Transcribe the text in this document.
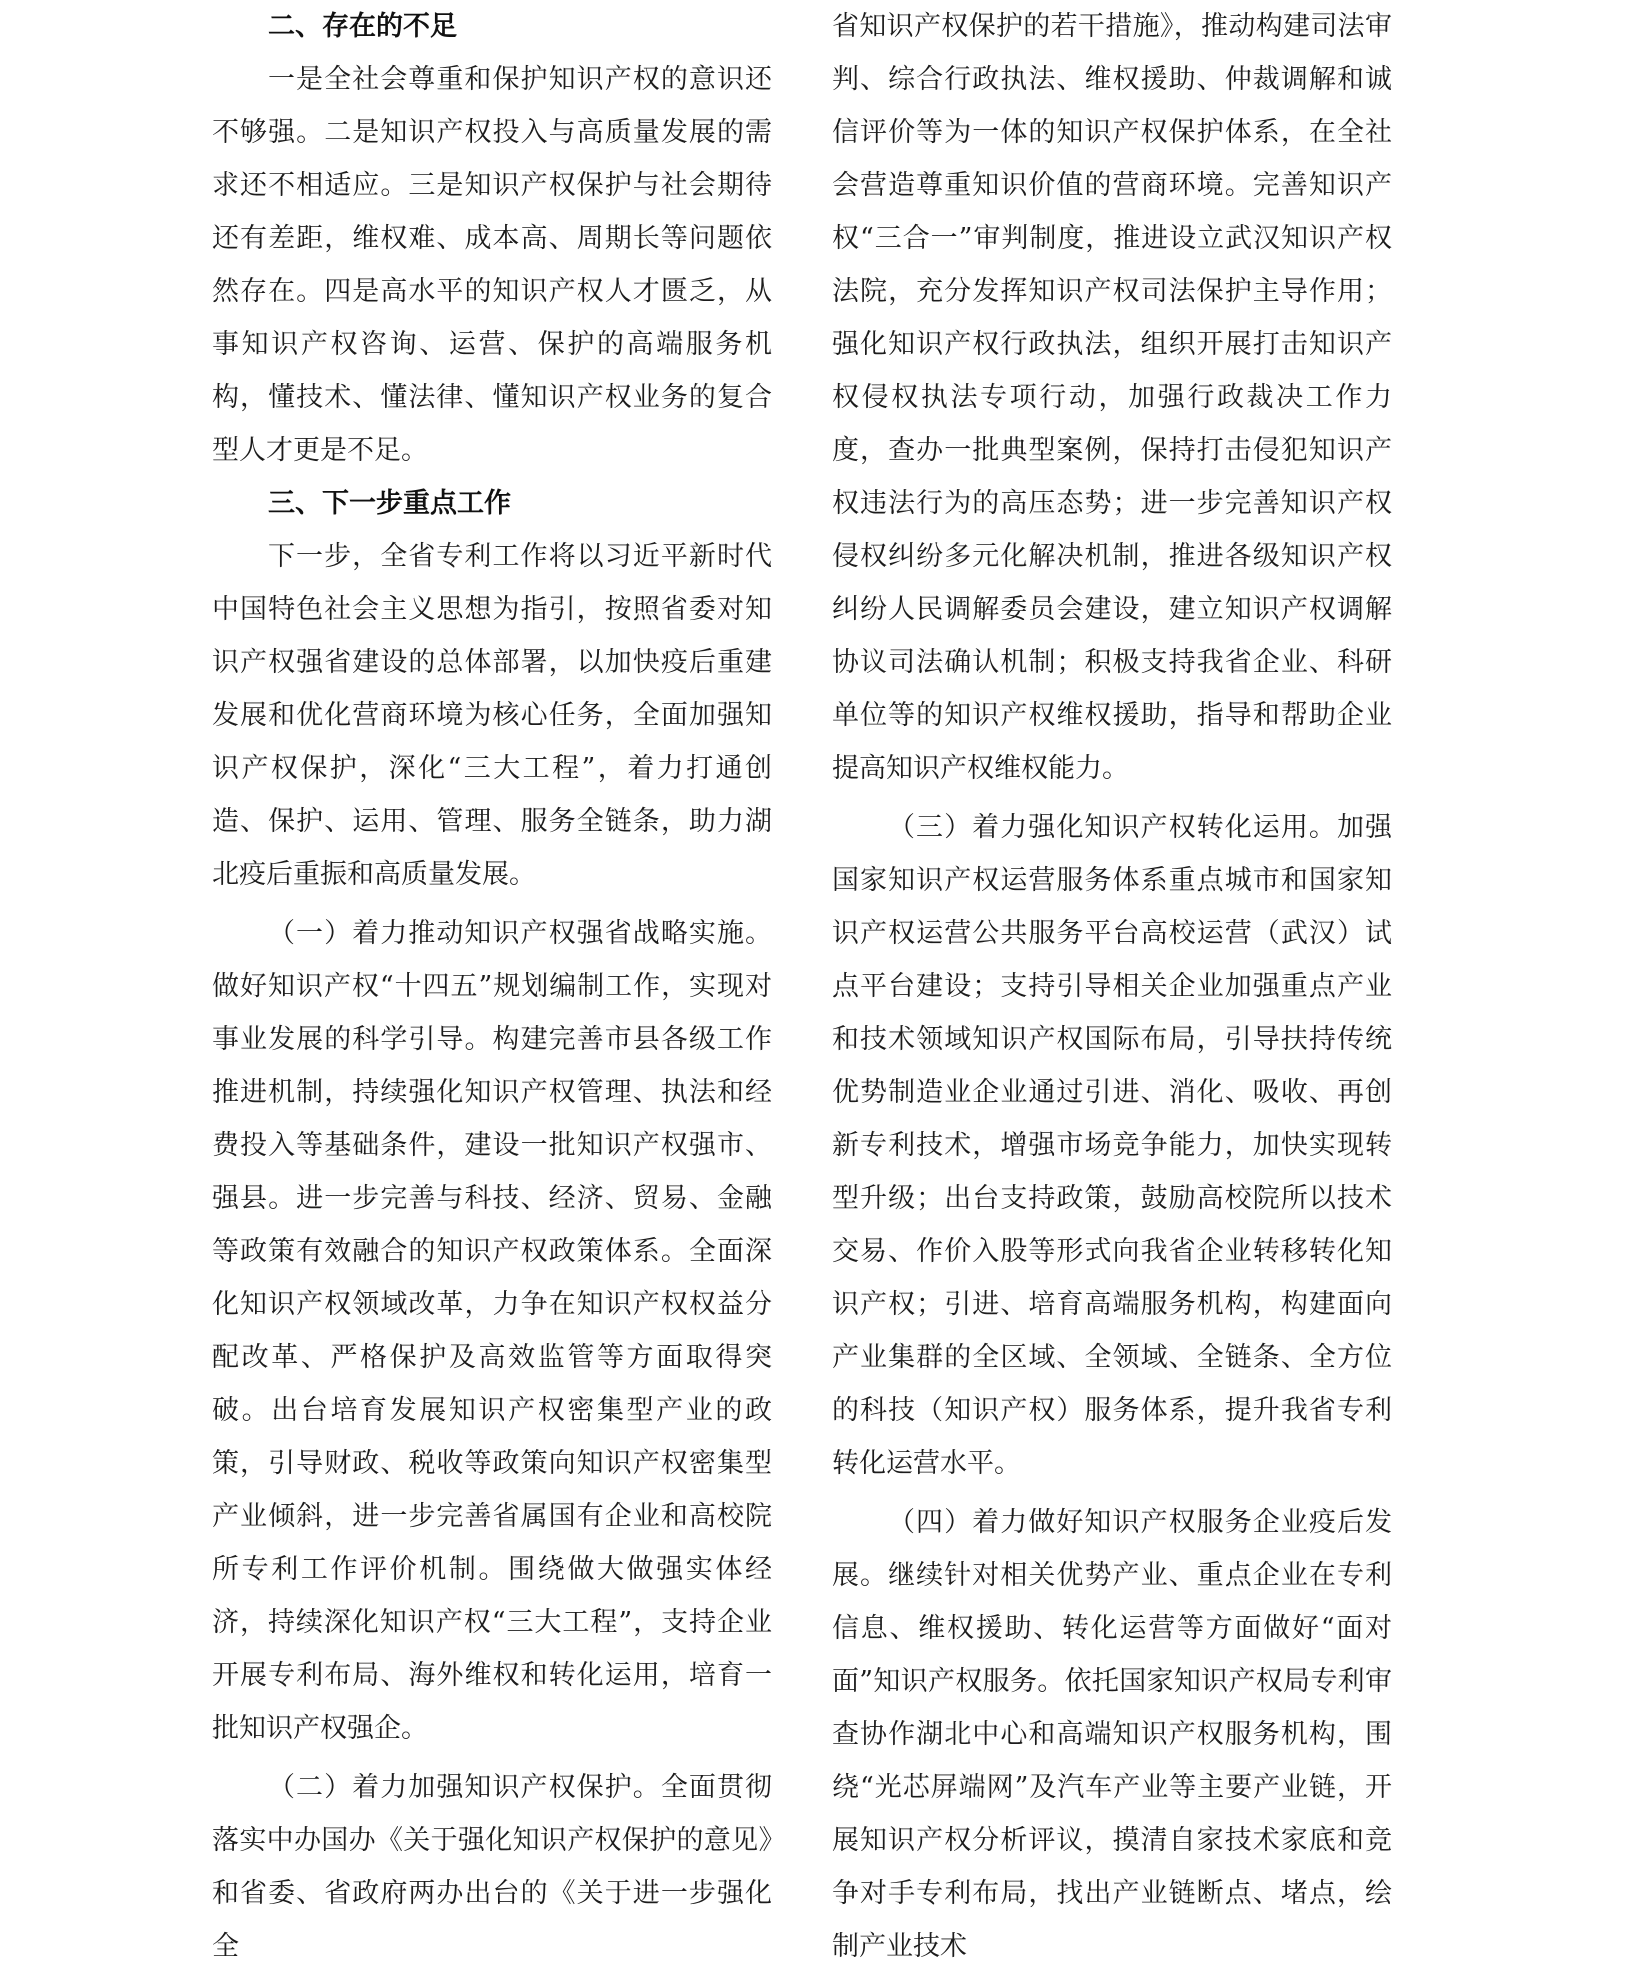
二、存在的不足

一是全社会尊重和保护知识产权的意识还不够强。二是知识产权投入与高质量发展的需求还不相适应。三是知识产权保护与社会期待还有差距，维权难、成本高、周期长等问题依然存在。四是高水平的知识产权人才匮乏，从事知识产权咨询、运营、保护的高端服务机构，懂技术、懂法律、懂知识产权业务的复合型人才更是不足。

三、下一步重点工作

下一步，全省专利工作将以习近平新时代中国特色社会主义思想为指引，按照省委对知识产权强省建设的总体部署，以加快疫后重建发展和优化营商环境为核心任务，全面加强知识产权保护，深化“三大工程”，着力打通创造、保护、运用、管理、服务全链条，助力湖北疫后重振和高质量发展。

（一）着力推动知识产权强省战略实施。做好知识产权“十四五”规划编制工作，实现对事业发展的科学引导。构建完善市县各级工作推进机制，持续强化知识产权管理、执法和经费投入等基础条件，建设一批知识产权强市、强县。进一步完善与科技、经济、贸易、金融等政策有效融合的知识产权政策体系。全面深化知识产权领域改革，力争在知识产权权益分配改革、严格保护及高效监管等方面取得突破。出台培育发展知识产权密集型产业的政策，引导财政、税收等政策向知识产权密集型产业倾斜，进一步完善省属国有企业和高校院所专利工作评价机制。围绕做大做强实体经济，持续深化知识产权“三大工程”，支持企业开展专利布局、海外维权和转化运用，培育一批知识产权强企。

（二）着力加强知识产权保护。全面贯彻落实中办国办《关于强化知识产权保护的意见》和省委、省政府两办出台的《关于进一步强化全

省知识产权保护的若干措施》，推动构建司法审判、综合行政执法、维权援助、仲裁调解和诚信评价等为一体的知识产权保护体系，在全社会营造尊重知识价值的营商环境。完善知识产权“三合一”审判制度，推进设立武汉知识产权法院，充分发挥知识产权司法保护主导作用；强化知识产权行政执法，组织开展打击知识产权侵权执法专项行动，加强行政裁决工作力度，查办一批典型案例，保持打击侵犯知识产权违法行为的高压态势；进一步完善知识产权侵权纠纷多元化解决机制，推进各级知识产权纠纷人民调解委员会建设，建立知识产权调解协议司法确认机制；积极支持我省企业、科研单位等的知识产权维权援助，指导和帮助企业提高知识产权维权能力。

（三）着力强化知识产权转化运用。加强国家知识产权运营服务体系重点城市和国家知识产权运营公共服务平台高校运营（武汉）试点平台建设；支持引导相关企业加强重点产业和技术领域知识产权国际布局，引导扶持传统优势制造业企业通过引进、消化、吸收、再创新专利技术，增强市场竞争能力，加快实现转型升级；出台支持政策，鼓励高校院所以技术交易、作价入股等形式向我省企业转移转化知识产权；引进、培育高端服务机构，构建面向产业集群的全区域、全领域、全链条、全方位的科技（知识产权）服务体系，提升我省专利转化运营水平。

（四）着力做好知识产权服务企业疫后发展。继续针对相关优势产业、重点企业在专利信息、维权援助、转化运营等方面做好“面对面”知识产权服务。依托国家知识产权局专利审查协作湖北中心和高端知识产权服务机构，围绕“光芯屏端网”及汽车产业等主要产业链，开展知识产权分析评议，摸清自家技术家底和竞争对手专利布局，找出产业链断点、堵点，绘制产业技术
